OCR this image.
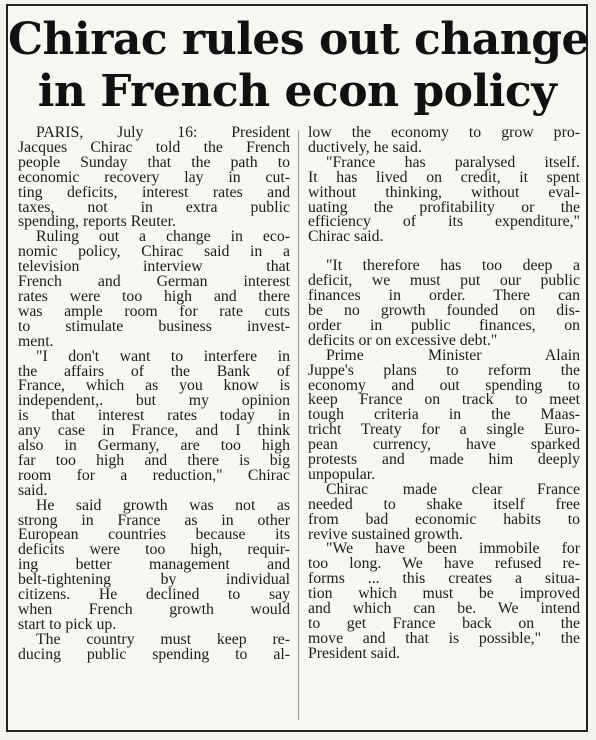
Chirac rules out change
in French econ policy
PARIS, July 16: President
Jacques Chirac told the French
people Sunday that the path to
economic recovery lay in cut-
ting deficits, interest rates and
taxes, not in extra public
spending, reports Reuter.
Ruling out a change in eco-
nomic policy, Chirac said in a
television interview that
French and German interest
rates were too high and there
was ample room for rate cuts
to stimulate business invest-
ment.
"I don't want to interfere in
the affairs of the Bank of
France, which as you know is
independent,. but my opinion
is that interest rates today in
any case in France, and I think
also in Germany, are too high
far too high and there is big
room for a reduction," Chirac
said.
He said growth was not as
strong in France as in other
European countries because its
deficits were too high, requir-
ing better management and
belt-tightening by individual
citizens. He declined to say
when French growth would
start to pick up.
The country must keep re-
ducing public spending to al-
low the economy to grow pro-
ductively, he said.
"France has paralysed itself.
It has lived on credit, it spent
without thinking, without eval-
uating the profitability or the
efficiency of its expenditure,"
Chirac said.
"It therefore has too deep a
deficit, we must put our public
finances in order. There can
be no growth founded on dis-
order in public finances, on
deficits or on excessive debt."
Prime Minister Alain
Juppe's plans to reform the
economy and out spending to
keep France on track to meet
tough criteria in the Maas-
tricht Treaty for a single Euro-
pean currency, have sparked
protests and made him deeply
unpopular.
Chirac made clear France
needed to shake itself free
from bad economic habits to
revive sustained growth.
"We have been immobile for
too long. We have refused re-
forms ... this creates a situa-
tion which must be improved
and which can be. We intend
to get France back on the
move and that is possible," the
President said.
